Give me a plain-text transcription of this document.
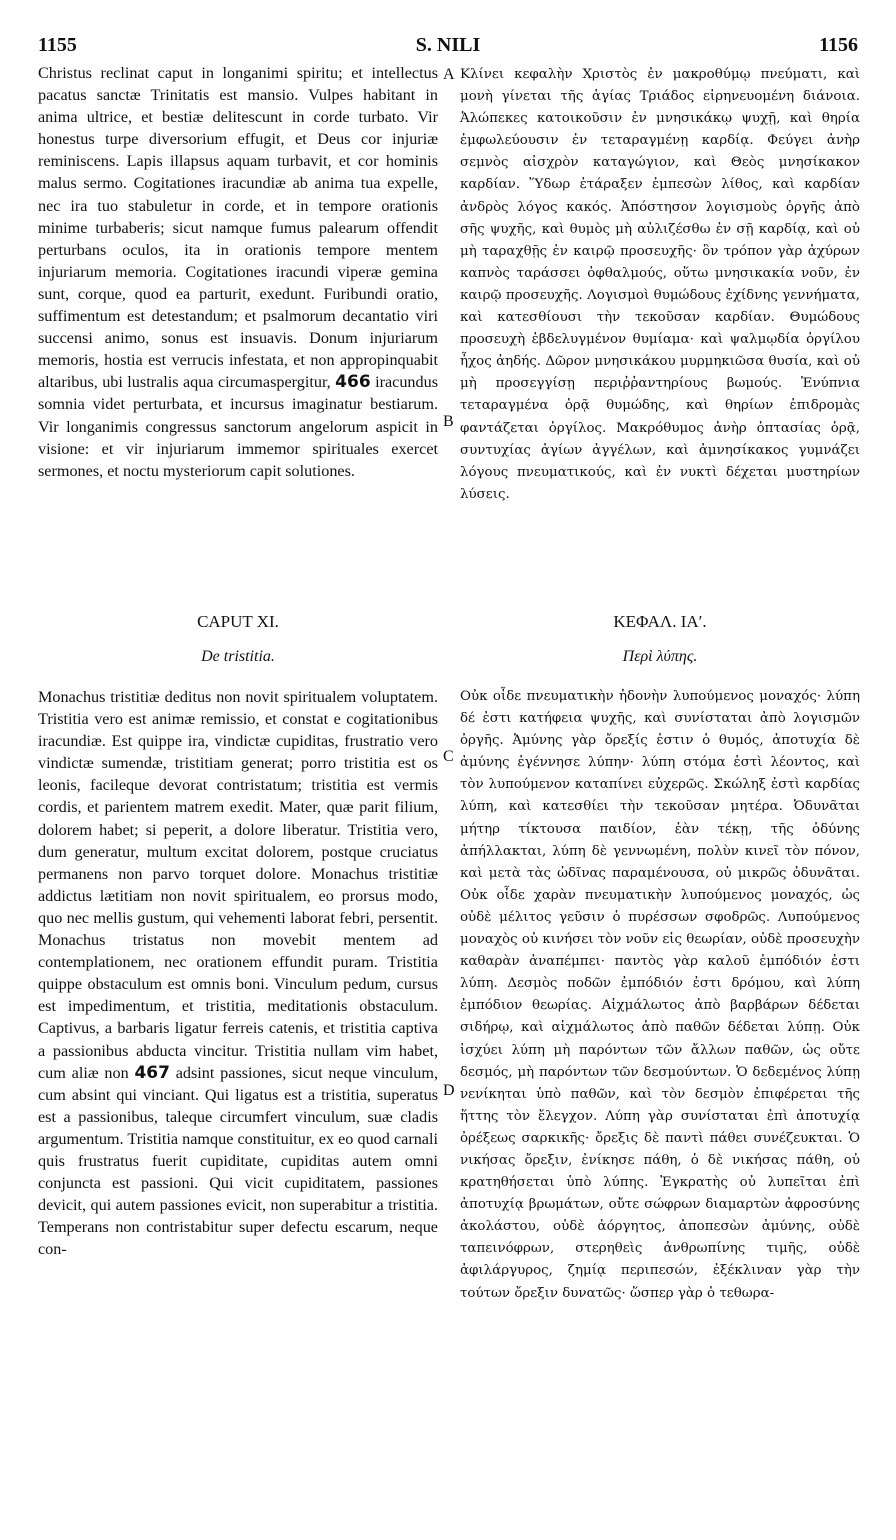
1155	S. NILI	1156

Christus reclinat caput in longanimi spiritu; et intellectus pacatus sanctæ Trinitatis est mansio. Vulpes habitant in anima ultrice, et bestiæ delitescunt in corde turbato. Vir honestus turpe diversorium effugit, et Deus cor injuriæ reminiscens. Lapis illapsus aquam turbavit, et cor hominis malus sermo. Cogitationes iracundiæ ab anima tua expelle, nec ira tuo stabuletur in corde, et in tempore orationis minime turbaberis; sicut namque fumus palearum offendit perturbans oculos, ita in orationis tempore mentem injuriarum memoria. Cogitationes iracundi viperæ gemina sunt, corque, quod ea parturit, exedunt. Furibundi oratio, suffimentum est detestandum; et psalmorum decantatio viri succensi animo, sonus est insuavis. Donum injuriarum memoris, hostia est verrucis infestata, et non appropinquabit altaribus, ubi lustralis aqua circumaspergitur, 466 iracundus somnia videt perturbata, et incursus imaginatur bestiarum. Vir longanimis congressus sanctorum angelorum aspicit in visione: et vir injuriarum immemor spirituales exercet sermones, et noctu mysteriorum capit solutiones.

A
B
C
D

Κλίνει κεφαλὴν Χριστὸς ἐν μακροθύμῳ πνεύματι, καὶ μονὴ γίνεται τῆς ἁγίας Τριάδος εἰρηνευομένη διάνοια. Ἀλώπεκες κατοικοῦσιν ἐν μνησικάκῳ ψυχῇ, καὶ θηρία ἐμφωλεύουσιν ἐν τεταραγμένῃ καρδίᾳ. Φεύγει ἀνὴρ σεμνὸς αἰσχρὸν καταγώγιον, καὶ Θεὸς μνησίκακον καρδίαν. Ὕδωρ ἐτάραξεν ἐμπεσὼν λίθος, καὶ καρδίαν ἀνδρὸς λόγος κακός. Ἀπόστησον λογισμοὺς ὀργῆς ἀπὸ σῆς ψυχῆς, καὶ θυμὸς μὴ αὐλιζέσθω ἐν σῇ καρδίᾳ, καὶ οὐ μὴ ταραχθῇς ἐν καιρῷ προσευχῆς· ὃν τρόπον γὰρ ἀχύρων καπνὸς ταράσσει ὀφθαλμούς, οὕτω μνησικακία νοῦν, ἐν καιρῷ προσευχῆς. Λογισμοὶ θυμώδους ἐχίδνης γεννήματα, καὶ κατεσθίουσι τὴν τεκοῦσαν καρδίαν. Θυμώδους προσευχὴ ἐβδελυγμένον θυμίαμα· καὶ ψαλμῳδία ὀργίλου ἦχος ἀηδής. Δῶρον μνησικάκου μυρμηκιῶσα θυσία, καὶ οὐ μὴ προσεγγίσῃ περιῤῥαντηρίους βωμούς. Ἐνύπνια τεταραγμένα ὁρᾷ θυμώδης, καὶ θηρίων ἐπιδρομὰς φαντάζεται ὀργίλος. Μακρόθυμος ἀνὴρ ὀπτασίας ὁρᾷ, συντυχίας ἁγίων ἀγγέλων, καὶ ἀμνησίκακος γυμνάζει λόγους πνευματικούς, καὶ ἐν νυκτὶ δέχεται μυστηρίων λύσεις.

CAPUT XI.
De tristitia.
ΚΕΦΑΛ. ΙΑʹ.
Περὶ λύπης.

Monachus tristitiæ deditus non novit spiritualem voluptatem. Tristitia vero est animæ remissio, et constat e cogitationibus iracundiæ. Est quippe ira, vindictæ cupiditas, frustratio vero vindictæ sumendæ, tristitiam generat; porro tristitia est os leonis, facileque devorat contristatum; tristitia est vermis cordis, et parientem matrem exedit. Mater, quæ parit filium, dolorem habet; si peperit, a dolore liberatur. Tristitia vero, dum generatur, multum excitat dolorem, postque cruciatus permanens non parvo torquet dolore. Monachus tristitiæ addictus lætitiam non novit spiritualem, eo prorsus modo, quo nec mellis gustum, qui vehementi laborat febri, persentit. Monachus tristatus non movebit mentem ad contemplationem, nec orationem effundit puram. Tristitia quippe obstaculum est omnis boni. Vinculum pedum, cursus est impedimentum, et tristitia, meditationis obstaculum. Captivus, a barbaris ligatur ferreis catenis, et tristitia captiva a passionibus abducta vincitur. Tristitia nullam vim habet, cum aliæ non 467 adsint passiones, sicut neque vinculum, cum absint qui vinciant. Qui ligatus est a tristitia, superatus est a passionibus, taleque circumfert vinculum, suæ cladis argumentum. Tristitia namque constituitur, ex eo quod carnali quis frustratus fuerit cupiditate, cupiditas autem omni conjuncta est passioni. Qui vicit cupiditatem, passiones devicit, qui autem passiones evicit, non superabitur a tristitia. Temperans non contristabitur super defectu escarum, neque con-

Οὐκ οἶδε πνευματικὴν ἡδονὴν λυπούμενος μοναχός· λύπη δέ ἐστι κατήφεια ψυχῆς, καὶ συνίσταται ἀπὸ λογισμῶν ὀργῆς. Ἀμύνης γὰρ ὄρεξίς ἐστιν ὁ θυμός, ἀποτυχία δὲ ἀμύνης ἐγέννησε λύπην· λύπη στόμα ἐστὶ λέοντος, καὶ τὸν λυπούμενον καταπίνει εὐχερῶς. Σκώληξ ἐστὶ καρδίας λύπη, καὶ κατεσθίει τὴν τεκοῦσαν μητέρα. Ὀδυνᾶται μήτηρ τίκτουσα παιδίον, ἐὰν τέκῃ, τῆς ὀδύνης ἀπήλλακται, λύπη δὲ γεννωμένη, πολὺν κινεῖ τὸν πόνον, καὶ μετὰ τὰς ὠδῖνας παραμένουσα, οὐ μικρῶς ὀδυνᾶται. Οὐκ οἶδε χαρὰν πνευματικὴν λυπούμενος μοναχός, ὡς οὐδὲ μέλιτος γεῦσιν ὁ πυρέσσων σφοδρῶς. Λυπούμενος μοναχὸς οὐ κινήσει τὸν νοῦν εἰς θεωρίαν, οὐδὲ προσευχὴν καθαρὰν ἀναπέμπει· παντὸς γὰρ καλοῦ ἐμπόδιόν ἐστι λύπη. Δεσμὸς ποδῶν ἐμπόδιόν ἐστι δρόμου, καὶ λύπη ἐμπόδιον θεωρίας. Αἰχμάλωτος ἀπὸ βαρβάρων δέδεται σιδήρῳ, καὶ αἰχμάλωτος ἀπὸ παθῶν δέδεται λύπῃ. Οὐκ ἰσχύει λύπη μὴ παρόντων τῶν ἄλλων παθῶν, ὡς οὔτε δεσμός, μὴ παρόντων τῶν δεσμούντων. Ὁ δεδεμένος λύπῃ νενίκηται ὑπὸ παθῶν, καὶ τὸν δεσμὸν ἐπιφέρεται τῆς ἥττης τὸν ἔλεγχον. Λύπη γὰρ συνίσταται ἐπὶ ἀποτυχίᾳ ὀρέξεως σαρκικῆς· ὄρεξις δὲ παντὶ πάθει συνέζευκται. Ὁ νικήσας ὄρεξιν, ἐνίκησε πάθη, ὁ δὲ νικήσας πάθη, οὐ κρατηθήσεται ὑπὸ λύπης. Ἐγκρατὴς οὐ λυπεῖται ἐπὶ ἀποτυχίᾳ βρωμάτων, οὔτε σώφρων διαμαρτὼν ἀφροσύνης ἀκολάστου, οὐδὲ ἀόργητος, ἀποπεσὼν ἀμύνης, οὐδὲ ταπεινόφρων, στερηθεὶς ἀνθρωπίνης τιμῆς, οὐδὲ ἀφιλάργυρος, ζημίᾳ περιπεσών, ἐξέκλιναν γὰρ τὴν τούτων ὄρεξιν δυνατῶς· ὥσπερ γὰρ ὁ τεθωρα-
